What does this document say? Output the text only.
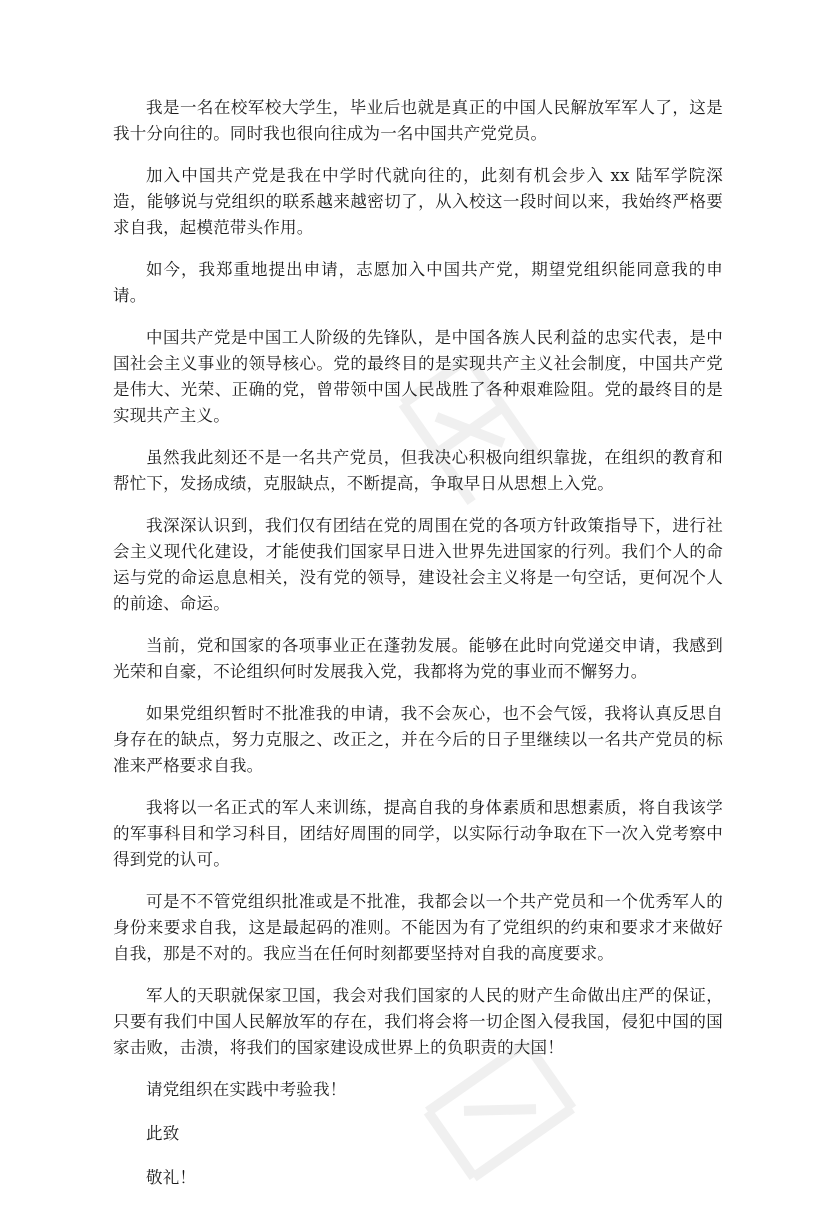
我是一名在校军校大学生，毕业后也就是真正的中国人民解放军军人了，这是我十分向往的。同时我也很向往成为一名中国共产党党员。

加入中国共产党是我在中学时代就向往的，此刻有机会步入 xx 陆军学院深造，能够说与党组织的联系越来越密切了，从入校这一段时间以来，我始终严格要求自我，起模范带头作用。

如今，我郑重地提出申请，志愿加入中国共产党，期望党组织能同意我的申请。

中国共产党是中国工人阶级的先锋队，是中国各族人民利益的忠实代表，是中国社会主义事业的领导核心。党的最终目的是实现共产主义社会制度，中国共产党是伟大、光荣、正确的党，曾带领中国人民战胜了各种艰难险阻。党的最终目的是实现共产主义。

虽然我此刻还不是一名共产党员，但我决心积极向组织靠拢，在组织的教育和帮忙下，发扬成绩，克服缺点，不断提高，争取早日从思想上入党。

我深深认识到，我们仅有团结在党的周围在党的各项方针政策指导下，进行社会主义现代化建设，才能使我们国家早日进入世界先进国家的行列。我们个人的命运与党的命运息息相关，没有党的领导，建设社会主义将是一句空话，更何况个人的前途、命运。

当前，党和国家的各项事业正在蓬勃发展。能够在此时向党递交申请，我感到光荣和自豪，不论组织何时发展我入党，我都将为党的事业而不懈努力。

如果党组织暂时不批准我的申请，我不会灰心，也不会气馁，我将认真反思自身存在的缺点，努力克服之、改正之，并在今后的日子里继续以一名共产党员的标准来严格要求自我。

我将以一名正式的军人来训练，提高自我的身体素质和思想素质，将自我该学的军事科目和学习科目，团结好周围的同学，以实际行动争取在下一次入党考察中得到党的认可。

可是不不管党组织批准或是不批准，我都会以一个共产党员和一个优秀军人的身份来要求自我，这是最起码的准则。不能因为有了党组织的约束和要求才来做好自我，那是不对的。我应当在任何时刻都要坚持对自我的高度要求。

军人的天职就保家卫国，我会对我们国家的人民的财产生命做出庄严的保证，只要有我们中国人民解放军的存在，我们将会将一切企图入侵我国，侵犯中国的国家击败，击溃，将我们的国家建设成世界上的负职责的大国！

请党组织在实践中考验我！

此致

敬礼！
